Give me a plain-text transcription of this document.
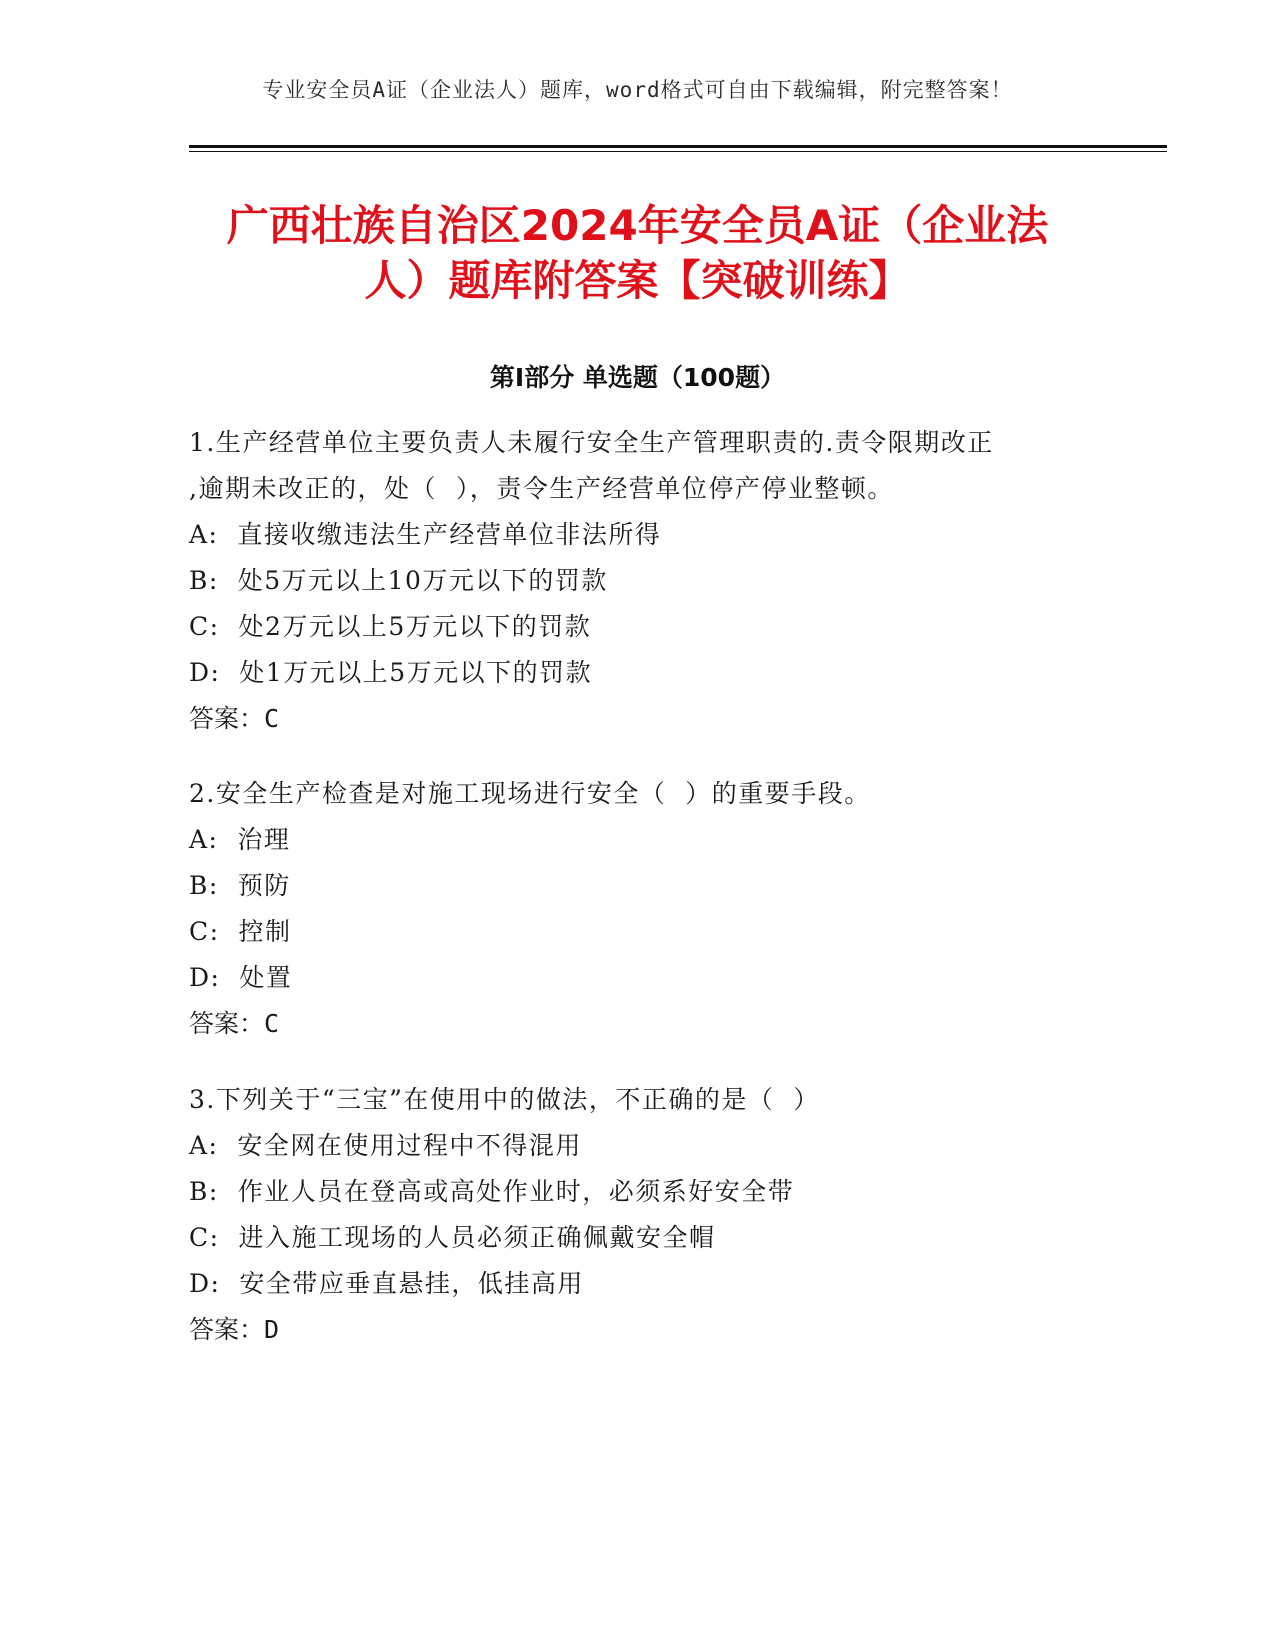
专业安全员A证（企业法人）题库，word格式可自由下载编辑，附完整答案！
广西壮族自治区2024年安全员A证（企业法
人）题库附答案【突破训练】
第Ⅰ部分 单选题（100题）

1.生产经营单位主要负责人未履行安全生产管理职责的.责令限期改正

,逾期未改正的，处（  ），责令生产经营单位停产停业整顿。

A:  直接收缴违法生产经营单位非法所得

B:  处5万元以上10万元以下的罚款

C:  处2万元以上5万元以下的罚款

D:  处1万元以上5万元以下的罚款

答案：C

2.安全生产检查是对施工现场进行安全（  ）的重要手段。

A:  治理

B:  预防

C:  控制

D:  处置

答案：C

3.下列关于“三宝”在使用中的做法，不正确的是（  ）

A:  安全网在使用过程中不得混用

B:  作业人员在登高或高处作业时，必须系好安全带

C:  进入施工现场的人员必须正确佩戴安全帽

D:  安全带应垂直悬挂，低挂高用

答案：D
